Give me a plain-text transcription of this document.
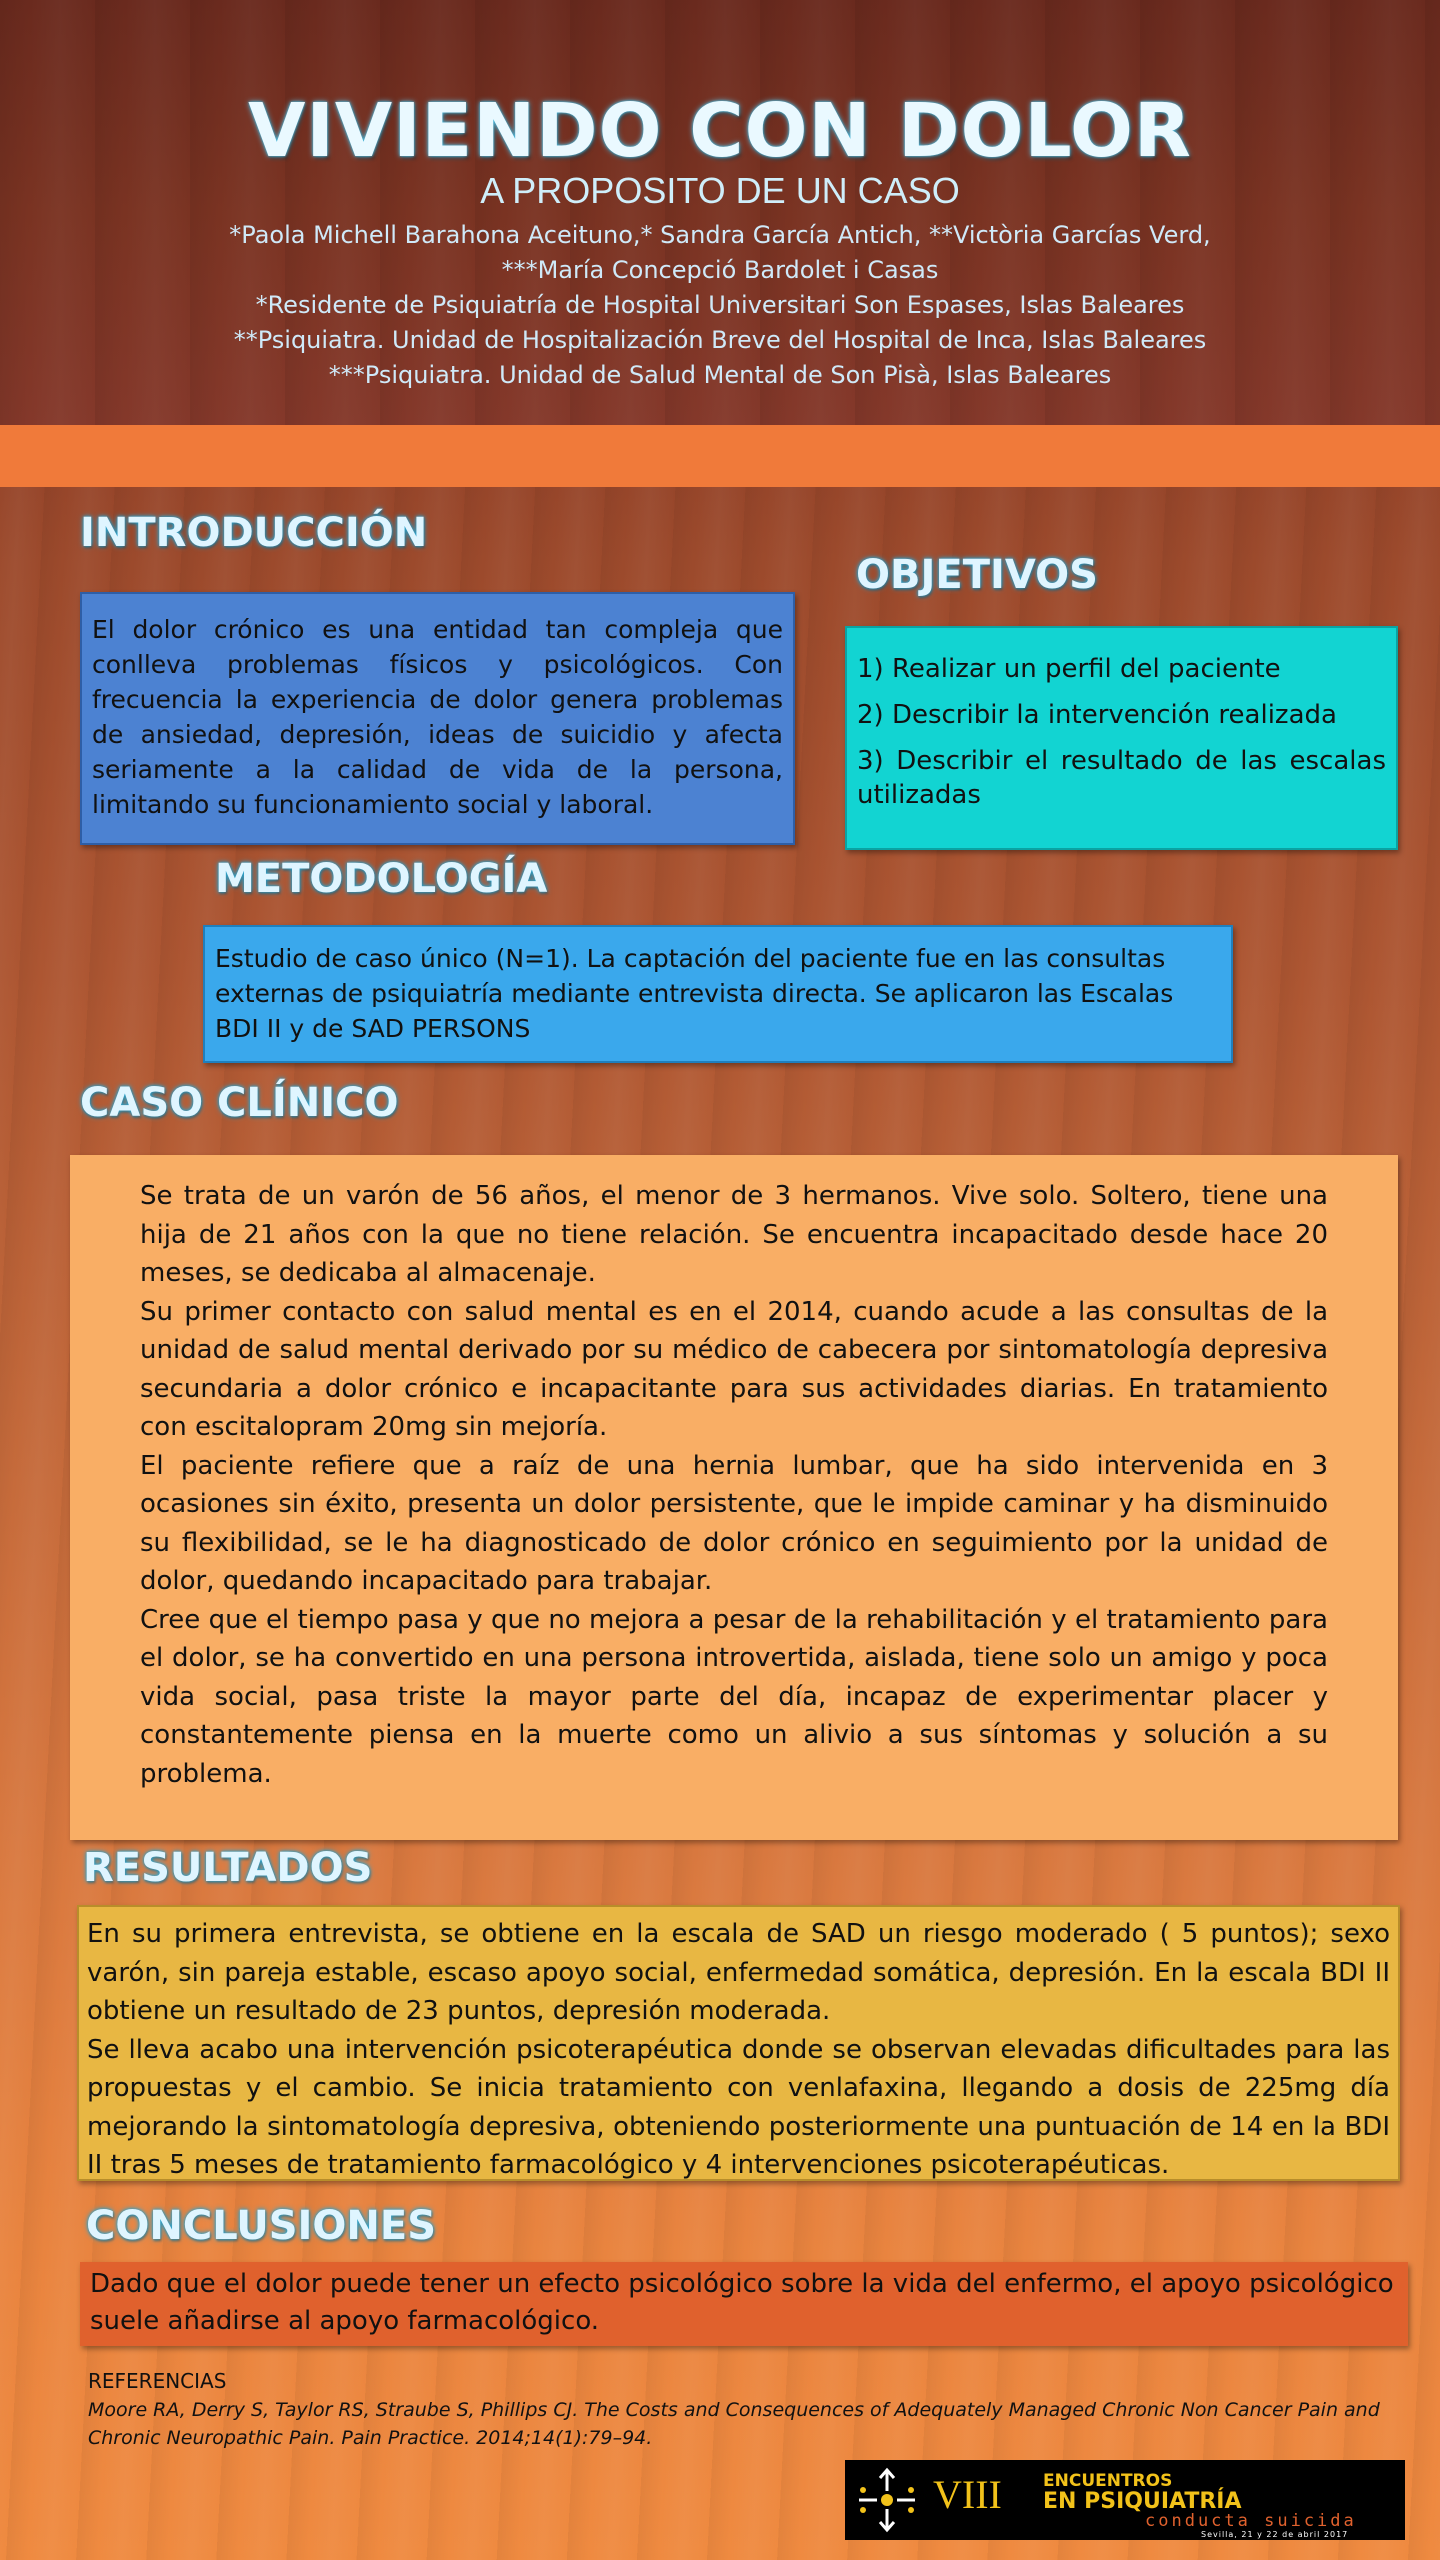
VIVIENDO CON DOLOR
A PROPOSITO DE UN CASO
*Paola Michell Barahona Aceituno,* Sandra García Antich, **Victòria Garcías Verd,
***María Concepció Bardolet i Casas
*Residente de Psiquiatría de Hospital Universitari Son Espases, Islas Baleares
**Psiquiatra. Unidad de Hospitalización Breve del Hospital de Inca, Islas Baleares
***Psiquiatra. Unidad de Salud Mental de Son Pisà, Islas Baleares
INTRODUCCIÓN

El dolor crónico es una entidad tan compleja que conlleva problemas físicos y psicológicos. Con frecuencia la experiencia de dolor genera problemas de ansiedad, depresión, ideas de suicidio y afecta seriamente a la calidad de vida de la persona, limitando su funcionamiento social y laboral.

OBJETIVOS
1) Realizar un perfil del paciente
2) Describir la intervención realizada
3) Describir el resultado de las escalas utilizadas
METODOLOGÍA

Estudio de caso único (N=1). La captación del paciente fue en las consultas externas de psiquiatría mediante entrevista directa. Se aplicaron las Escalas BDI II y de SAD PERSONS

CASO CLÍNICO

Se trata de un varón de 56 años, el menor de 3 hermanos. Vive solo. Soltero, tiene una hija de 21 años con la que no tiene relación. Se encuentra incapacitado desde hace 20 meses, se dedicaba al almacenaje.

Su primer contacto con salud mental es en el 2014, cuando acude a las consultas de la unidad de salud mental derivado por su médico de cabecera por sintomatología depresiva secundaria a dolor crónico e incapacitante para sus actividades diarias. En tratamiento con escitalopram 20mg sin mejoría.

El paciente refiere que a raíz de una hernia lumbar, que ha sido intervenida en 3 ocasiones sin éxito, presenta un dolor persistente, que le impide caminar y ha disminuido su flexibilidad, se le ha diagnosticado de dolor crónico en seguimiento por la unidad de dolor, quedando incapacitado para trabajar.

Cree que el tiempo pasa y que no mejora a pesar de la rehabilitación y el tratamiento para el dolor, se ha convertido en una persona introvertida, aislada, tiene solo un amigo y poca vida social, pasa triste la mayor parte del día, incapaz de experimentar placer y constantemente piensa en la muerte como un alivio a sus síntomas y solución a su problema.

RESULTADOS

En su primera entrevista, se obtiene en la escala de SAD un riesgo moderado ( 5 puntos); sexo varón, sin pareja estable, escaso apoyo social, enfermedad somática, depresión. En la escala BDI II obtiene un resultado de 23 puntos, depresión moderada.

Se lleva acabo una intervención psicoterapéutica donde se observan elevadas dificultades para las propuestas y el cambio. Se inicia tratamiento con venlafaxina, llegando a dosis de 225mg día mejorando la sintomatología depresiva, obteniendo posteriormente una puntuación de 14 en la BDI II tras 5 meses de tratamiento farmacológico y 4 intervenciones psicoterapéuticas.

CONCLUSIONES

Dado que el dolor puede tener un efecto psicológico sobre la vida del enfermo, el apoyo psicológico suele añadirse al apoyo farmacológico.

REFERENCIAS
Moore RA, Derry S, Taylor RS, Straube S, Phillips CJ. The Costs and Consequences of Adequately Managed Chronic Non Cancer Pain and Chronic Neuropathic Pain. Pain Practice. 2014;14(1):79–94.
VIII ENCUENTROS
EN PSIQUIATRÍA
conducta suicida
Sevilla, 21 y 22 de abril 2017
